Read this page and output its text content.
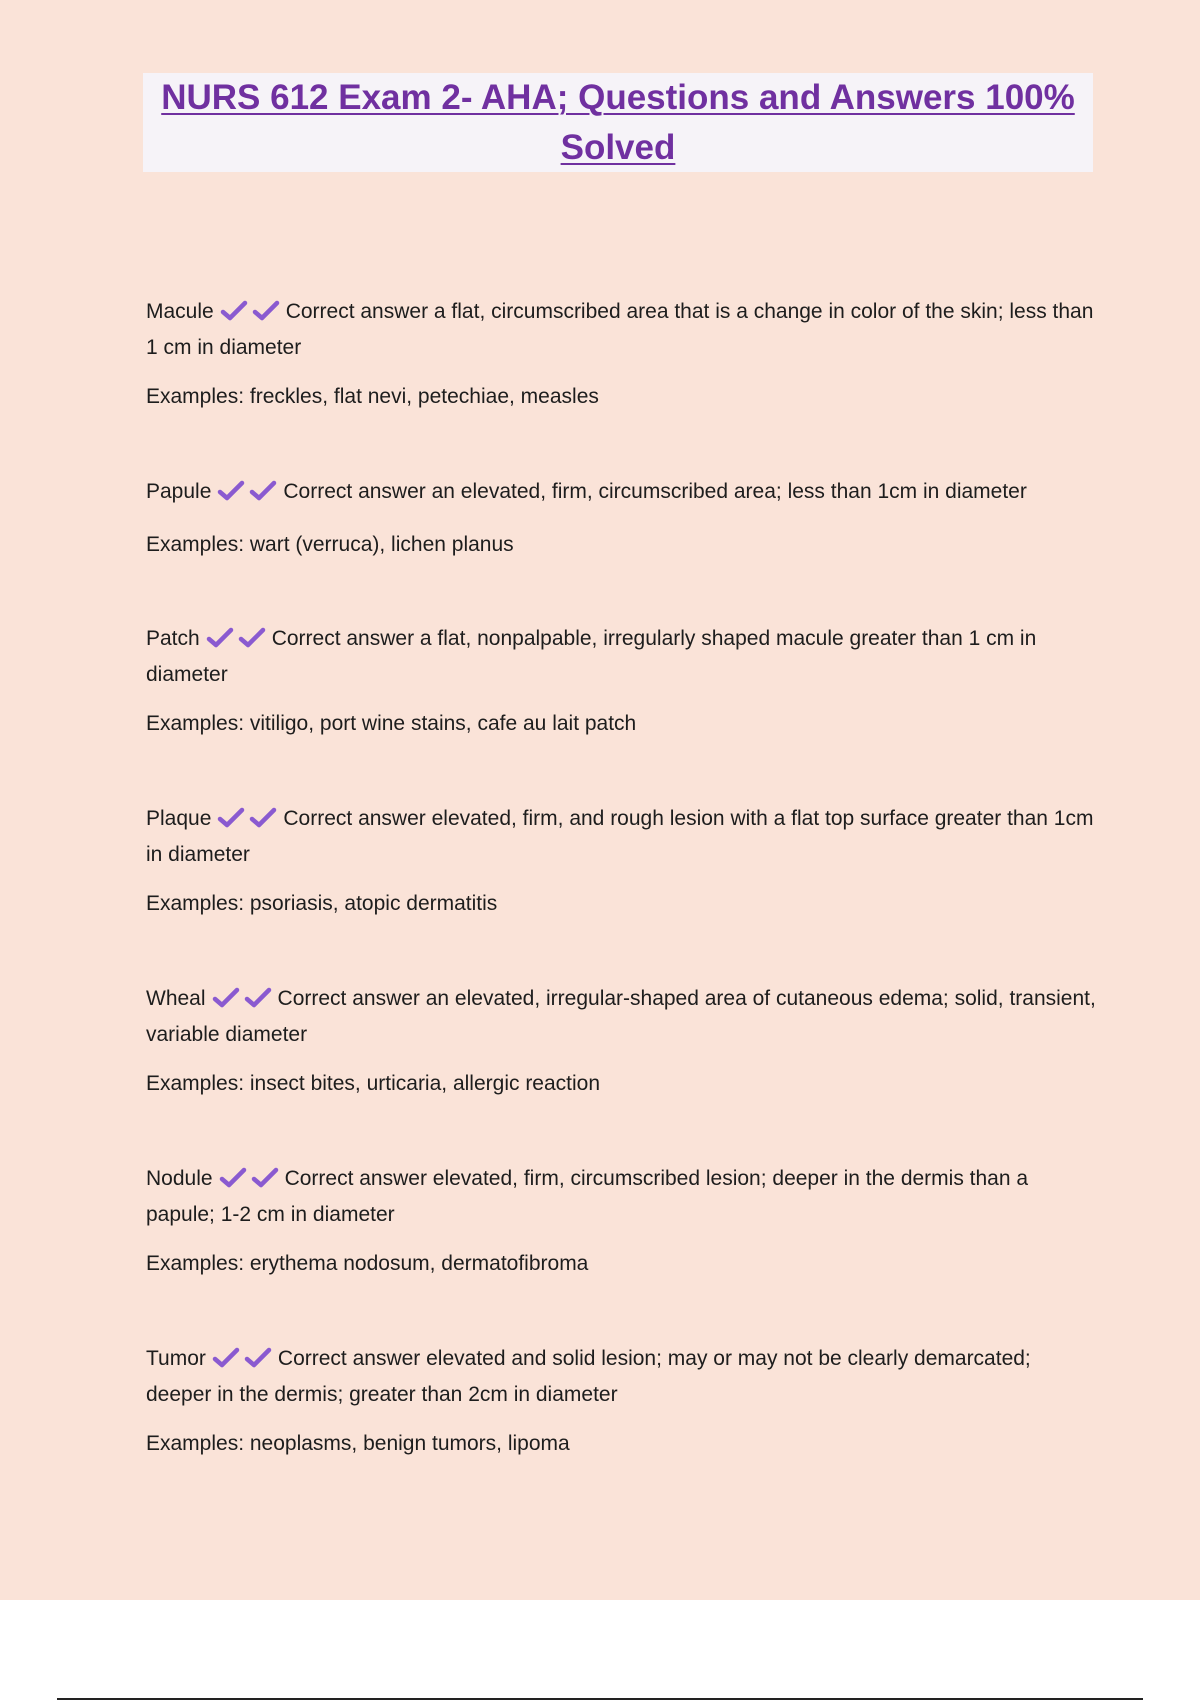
NURS 612 Exam 2- AHA; Questions and Answers 100% Solved

Macule	Correct answer a flat, circumscribed area that is a change in color of the skin; less than 1 cm in diameter

Examples: freckles, flat nevi, petechiae, measles

Papule	Correct answer an elevated, firm, circumscribed area; less than 1cm in diameter

Examples: wart (verruca), lichen planus

Patch	Correct answer a flat, nonpalpable, irregularly shaped macule greater than 1 cm in diameter

Examples: vitiligo, port wine stains, cafe au lait patch

Plaque	Correct answer elevated, firm, and rough lesion with a flat top surface greater than 1cm in diameter

Examples: psoriasis, atopic dermatitis

Wheal	Correct answer an elevated, irregular-shaped area of cutaneous edema; solid, transient, variable diameter

Examples: insect bites, urticaria, allergic reaction

Nodule	Correct answer elevated, firm, circumscribed lesion; deeper in the dermis than a papule; 1-2 cm in diameter

Examples: erythema nodosum, dermatofibroma

Tumor	Correct answer elevated and solid lesion; may or may not be clearly demarcated; deeper in the dermis; greater than 2cm in diameter

Examples: neoplasms, benign tumors, lipoma
